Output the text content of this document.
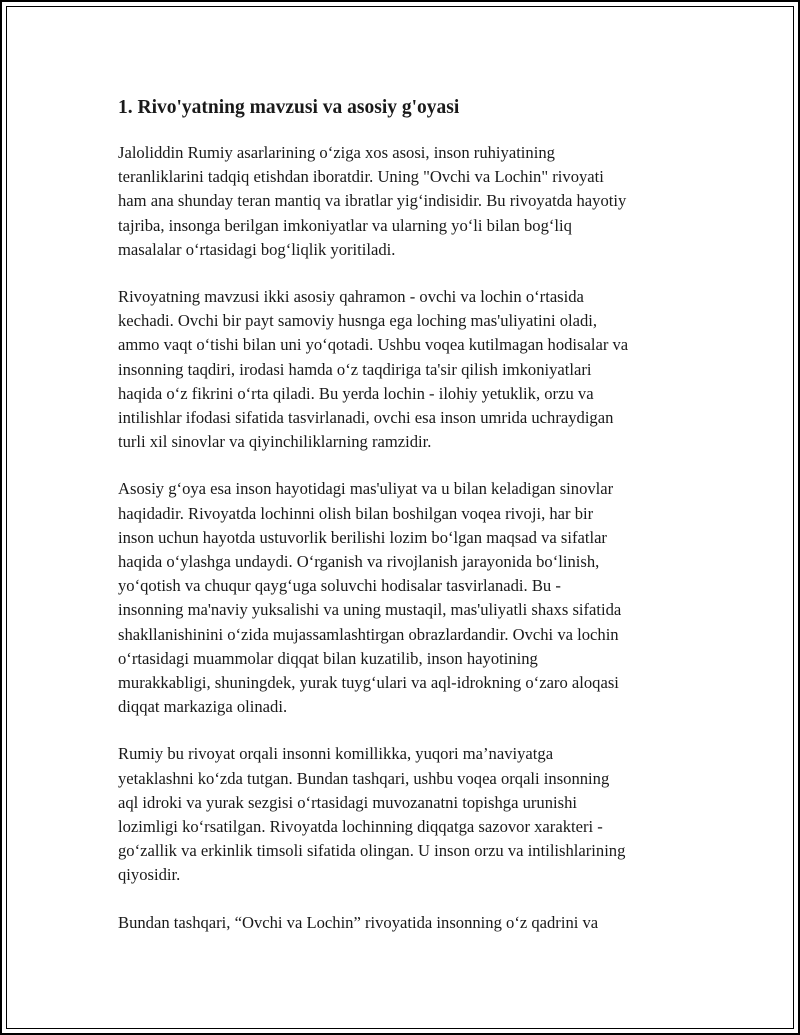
1. Rivo'yatning mavzusi va asosiy g'oyasi

Jaloliddin Rumiy asarlarining o‘ziga xos asosi, inson ruhiyatining
teranliklarini tadqiq etishdan iboratdir. Uning "Ovchi va Lochin" rivoyati
ham ana shunday teran mantiq va ibratlar yig‘indisidir. Bu rivoyatda hayotiy
tajriba, insonga berilgan imkoniyatlar va ularning yo‘li bilan bog‘liq
masalalar o‘rtasidagi bog‘liqlik yoritiladi.

Rivoyatning mavzusi ikki asosiy qahramon - ovchi va lochin o‘rtasida
kechadi. Ovchi bir payt samoviy husnga ega loching mas'uliyatini oladi,
ammo vaqt o‘tishi bilan uni yo‘qotadi. Ushbu voqea kutilmagan hodisalar va
insonning taqdiri, irodasi hamda o‘z taqdiriga ta'sir qilish imkoniyatlari
haqida o‘z fikrini o‘rta qiladi. Bu yerda lochin - ilohiy yetuklik, orzu va
intilishlar ifodasi sifatida tasvirlanadi, ovchi esa inson umrida uchraydigan
turli xil sinovlar va qiyinchiliklarning ramzidir.

Asosiy g‘oya esa inson hayotidagi mas'uliyat va u bilan keladigan sinovlar
haqidadir. Rivoyatda lochinni olish bilan boshilgan voqea rivoji, har bir
inson uchun hayotda ustuvorlik berilishi lozim bo‘lgan maqsad va sifatlar
haqida o‘ylashga undaydi. O‘rganish va rivojlanish jarayonida bo‘linish,
yo‘qotish va chuqur qayg‘uga soluvchi hodisalar tasvirlanadi. Bu -
insonning ma'naviy yuksalishi va uning mustaqil, mas'uliyatli shaxs sifatida
shakllanishinini o‘zida mujassamlashtirgan obrazlardandir. Ovchi va lochin
o‘rtasidagi muammolar diqqat bilan kuzatilib, inson hayotining
murakkabligi, shuningdek, yurak tuyg‘ulari va aql-idrokning o‘zaro aloqasi
diqqat markaziga olinadi.

Rumiy bu rivoyat orqali insonni komillikka, yuqori ma’naviyatga
yetaklashni ko‘zda tutgan. Bundan tashqari, ushbu voqea orqali insonning
aql idroki va yurak sezgisi o‘rtasidagi muvozanatni topishga urunishi
lozimligi ko‘rsatilgan. Rivoyatda lochinning diqqatga sazovor xarakteri -
go‘zallik va erkinlik timsoli sifatida olingan. U inson orzu va intilishlarining
qiyosidir.

Bundan tashqari, “Ovchi va Lochin” rivoyatida insonning o‘z qadrini va
